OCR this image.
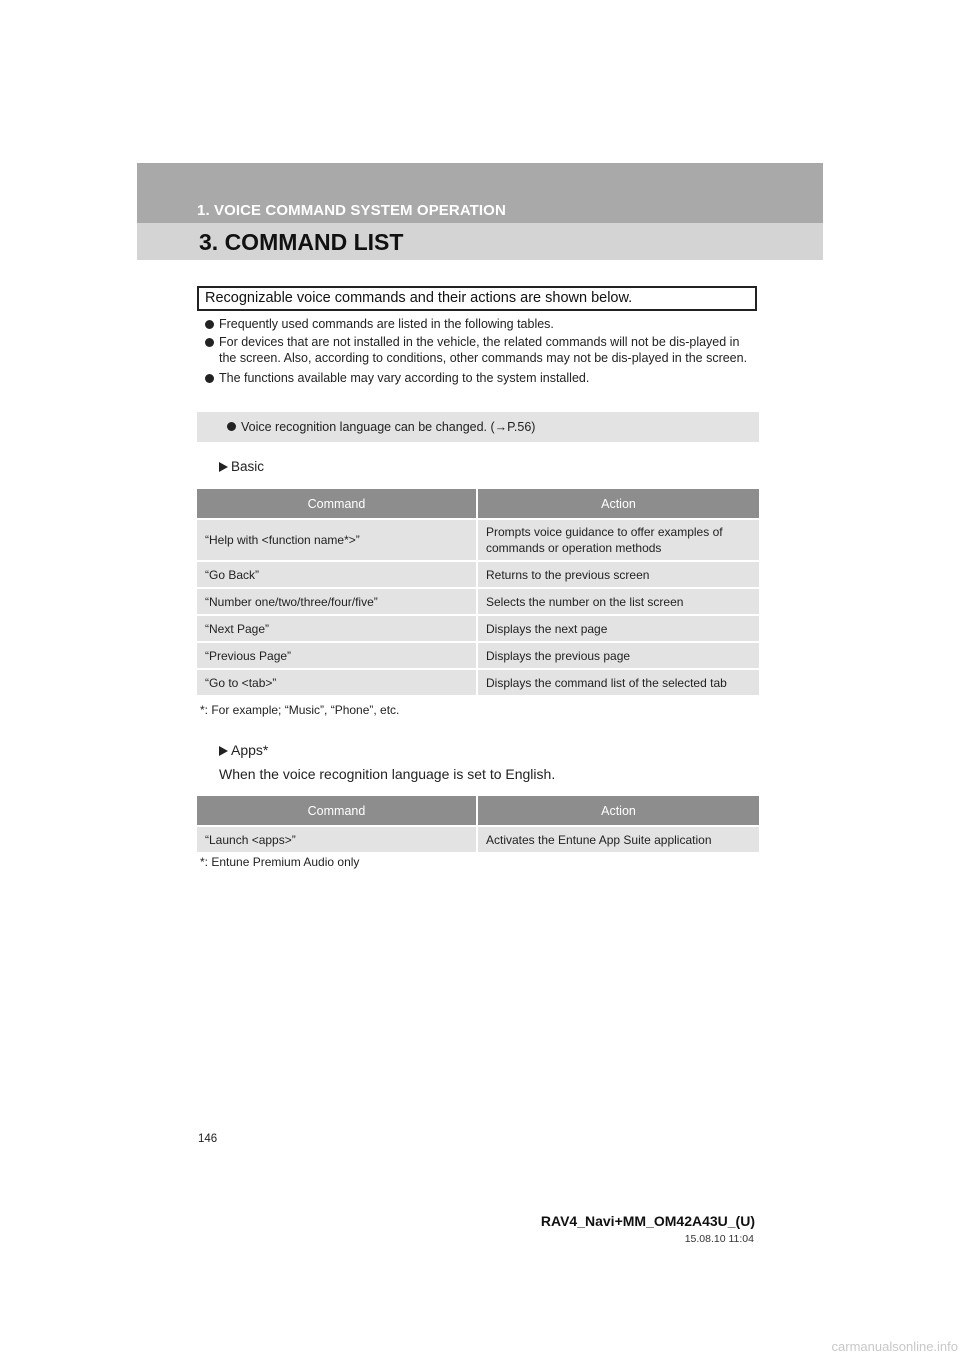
1. VOICE COMMAND SYSTEM OPERATION
3. COMMAND LIST
Recognizable voice commands and their actions are shown below.
Frequently used commands are listed in the following tables.
For devices that are not installed in the vehicle, the related commands will not be dis-played in the screen. Also, according to conditions, other commands may not be dis-played in the screen.
The functions available may vary according to the system installed.
Voice recognition language can be changed. (→P.56)
Basic
Command	Action
“Help with <function name*>”	Prompts voice guidance to offer examples of commands or operation methods
“Go Back”	Returns to the previous screen
“Number one/two/three/four/five”	Selects the number on the list screen
“Next Page”	Displays the next page
“Previous Page”	Displays the previous page
“Go to <tab>”	Displays the command list of the selected tab
*: For example; “Music”, “Phone”, etc.
Apps*
When the voice recognition language is set to English.
Command	Action
“Launch <apps>”	Activates the Entune App Suite application
*: Entune Premium Audio only
146
RAV4_Navi+MM_OM42A43U_(U)
15.08.10 11:04
carmanualsonline.info
